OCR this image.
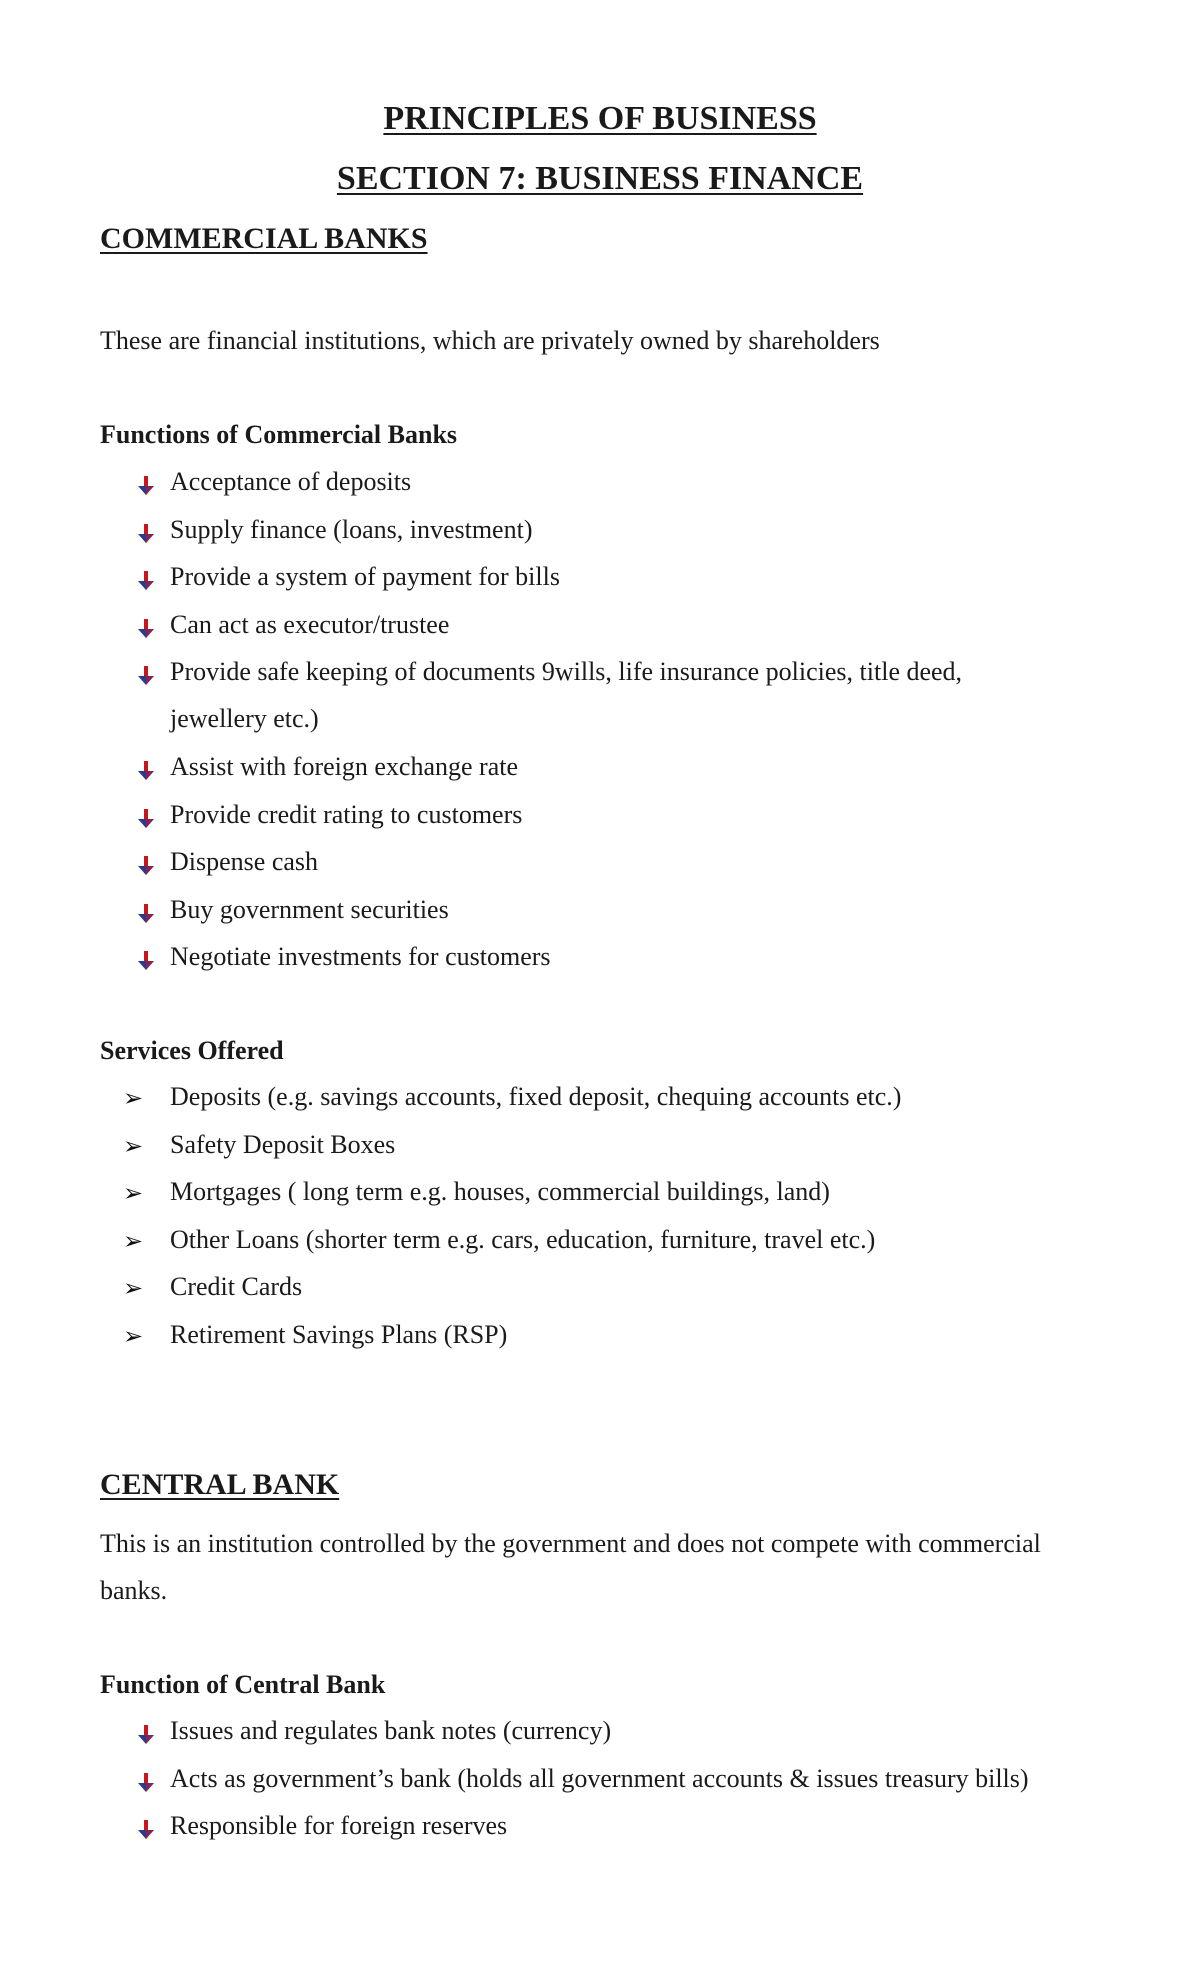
PRINCIPLES OF BUSINESS
SECTION 7: BUSINESS FINANCE
COMMERCIAL BANKS
These are financial institutions, which are privately owned by shareholders
Functions of Commercial Banks
Acceptance of deposits
Supply finance (loans, investment)
Provide a system of payment for bills
Can act as executor/trustee
Provide safe keeping of documents 9wills, life insurance policies, title deed,
jewellery etc.)
Assist with foreign exchange rate
Provide credit rating to customers
Dispense cash
Buy government securities
Negotiate investments for customers
Services Offered
➢ Deposits (e.g. savings accounts, fixed deposit, chequing accounts etc.)
➢ Safety Deposit Boxes
➢ Mortgages ( long term e.g. houses, commercial buildings, land)
➢ Other Loans (shorter term e.g. cars, education, furniture, travel etc.)
➢ Credit Cards
➢ Retirement Savings Plans (RSP)
CENTRAL BANK
This is an institution controlled by the government and does not compete with commercial banks.
Function of Central Bank
Issues and regulates bank notes (currency)
Acts as government’s bank (holds all government accounts & issues treasury bills)
Responsible for foreign reserves
